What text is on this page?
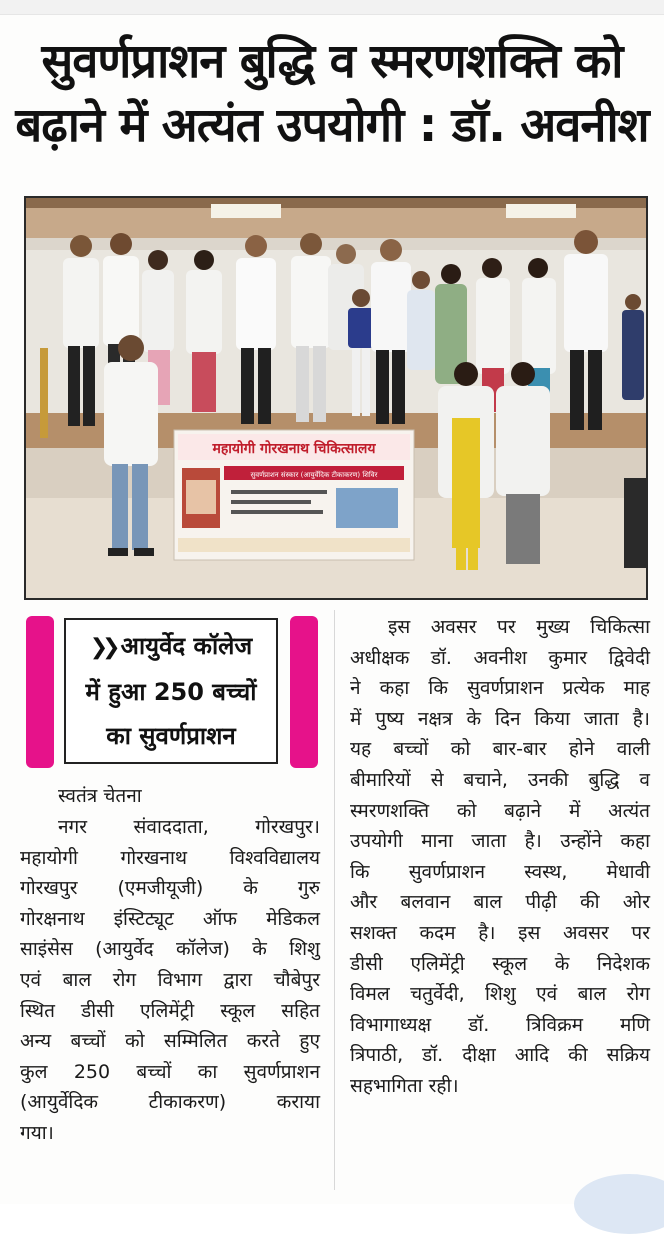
सुवर्णप्राशन बुद्धि व स्मरणशक्ति को
बढ़ाने में अत्यंत उपयोगी : डॉ. अवनीश
महायोगी गोरखनाथ चिकित्सालय
सुवर्णप्राशन संस्कार (आयुर्वेदिक टीकाकरण) शिविर
❯❯ आयुर्वेद कॉलेज
में हुआ 250 बच्चों
का सुवर्णप्राशन
स्वतंत्र चेतना
नगर संवाददाता, गोरखपुर।
महायोगी गोरखनाथ विश्वविद्यालय
गोरखपुर (एमजीयूजी) के गुरु
गोरक्षनाथ इंस्टिट्यूट ऑफ मेडिकल
साइंसेस (आयुर्वेद कॉलेज) के शिशु
एवं बाल रोग विभाग द्वारा चौबेपुर
स्थित डीसी एलिमेंट्री स्कूल सहित
अन्य बच्चों को सम्मिलित करते हुए
कुल 250 बच्चों का सुवर्णप्राशन
(आयुर्वेदिक टीकाकरण) कराया
गया।
इस अवसर पर मुख्य चिकित्सा
अधीक्षक डॉ. अवनीश कुमार द्विवेदी
ने कहा कि सुवर्णप्राशन प्रत्येक माह
में पुष्य नक्षत्र के दिन किया जाता है।
यह बच्चों को बार-बार होने वाली
बीमारियों से बचाने, उनकी बुद्धि व
स्मरणशक्ति को बढ़ाने में अत्यंत
उपयोगी माना जाता है। उन्होंने कहा
कि सुवर्णप्राशन स्वस्थ, मेधावी
और बलवान बाल पीढ़ी की ओर
सशक्त कदम है। इस अवसर पर
डीसी एलिमेंट्री स्कूल के निदेशक
विमल चतुर्वेदी, शिशु एवं बाल रोग
विभागाध्यक्ष डॉ. त्रिविक्रम मणि
त्रिपाठी, डॉ. दीक्षा आदि की सक्रिय
सहभागिता रही।
